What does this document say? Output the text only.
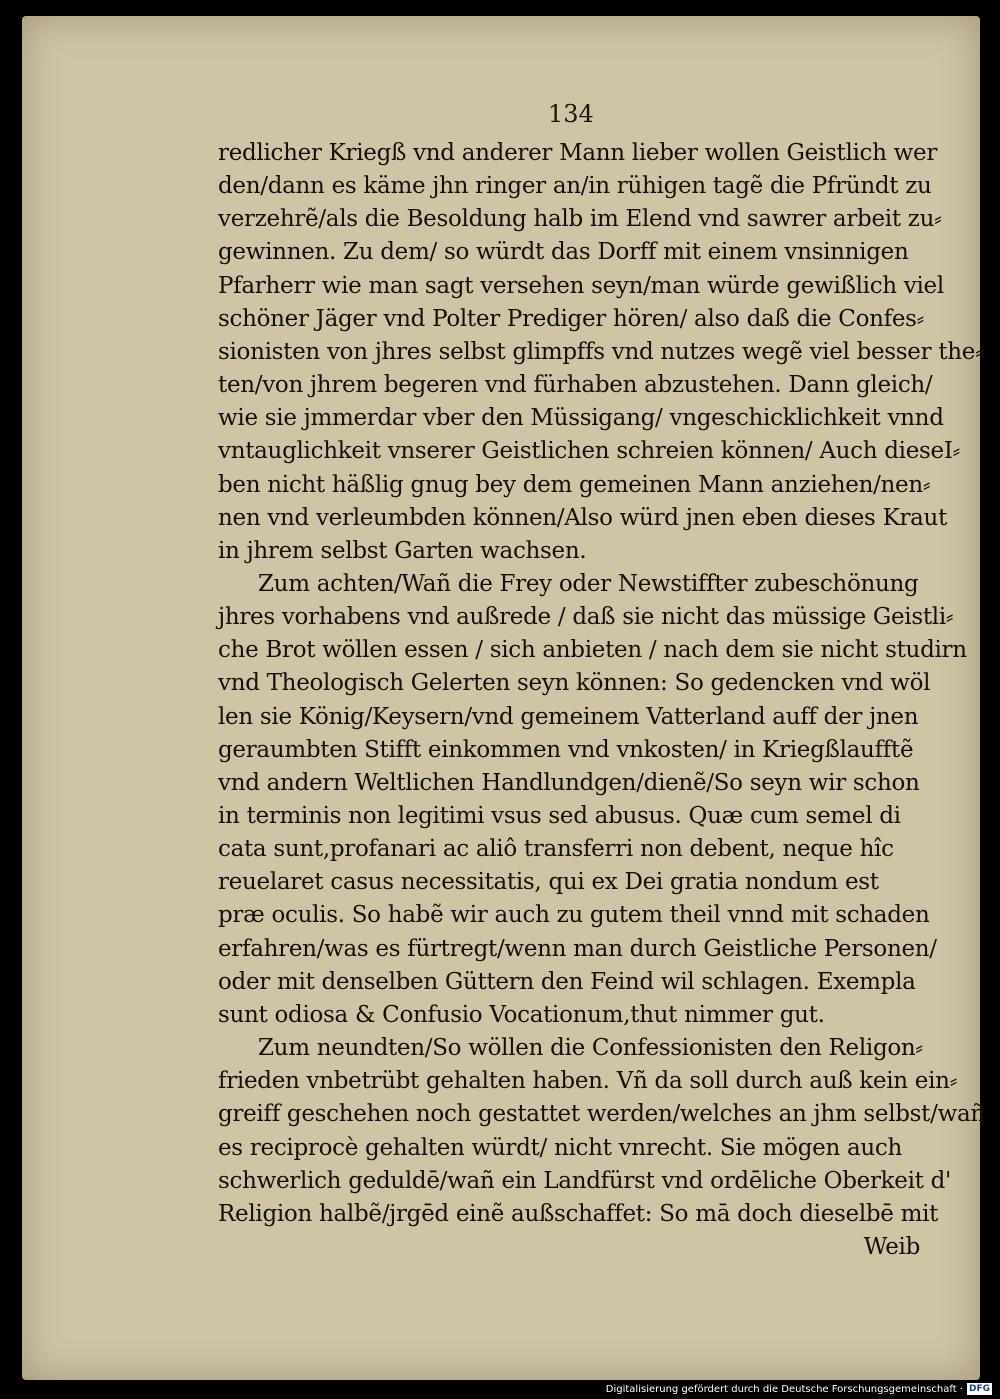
134
redlicher Kriegß vnd anderer Mann lieber wollen Geistlich wer
den/dann es käme jhn ringer an/in rühigen tagẽ die Pfründt zu
verzehrẽ/als die Besoldung halb im Elend vnd sawrer arbeit zu⸗
gewinnen. Zu dem/ so würdt das Dorff mit einem vnsinnigen
Pfarherr wie man sagt versehen seyn/man würde gewißlich viel
schöner Jäger vnd Polter Prediger hören/ also daß die Confes⸗
sionisten von jhres selbst glimpffs vnd nutzes wegẽ viel besser the⸗
ten/von jhrem begeren vnd fürhaben abzustehen. Dann gleich/
wie sie jmmerdar vber den Müssigang/ vngeschicklichkeit vnnd
vntauglichkeit vnserer Geistlichen schreien können/ Auch dieseI⸗
ben nicht häßlig gnug bey dem gemeinen Mann anziehen/nen⸗
nen vnd verleumbden können/Also würd jnen eben dieses Kraut
in jhrem selbst Garten wachsen.
Zum achten/Wañ die Frey oder Newstiffter zubeschönung
jhres vorhabens vnd außrede / daß sie nicht das müssige Geistli⸗
che Brot wöllen essen / sich anbieten / nach dem sie nicht studirn
vnd Theologisch Gelerten seyn können: So gedencken vnd wöl
len sie König/Keysern/vnd gemeinem Vatterland auff der jnen
geraumbten Stifft einkommen vnd vnkosten/ in Kriegßlaufftẽ
vnd andern Weltlichen Handlundgen/dienẽ/So seyn wir schon
in terminis non legitimi vsus sed abusus. Quæ cum semel di
cata sunt,profanari ac aliô transferri non debent, neque hîc
reuelaret casus necessitatis, qui ex Dei gratia nondum est
præ oculis. So habẽ wir auch zu gutem theil vnnd mit schaden
erfahren/was es fürtregt/wenn man durch Geistliche Personen/
oder mit denselben Güttern den Feind wil schlagen. Exempla
sunt odiosa & Confusio Vocationum,thut nimmer gut.
Zum neundten/So wöllen die Confessionisten den Religon⸗
frieden vnbetrübt gehalten haben. Vñ da soll durch auß kein ein⸗
greiff geschehen noch gestattet werden/welches an jhm selbst/wañ
es reciprocè gehalten würdt/ nicht vnrecht. Sie mögen auch
schwerlich geduldē/wañ ein Landfürst vnd ordēliche Oberkeit d'
Religion halbẽ/jrgēd einẽ außschaffet: So mā doch dieselbē mit
Weib
Digitalisierung gefördert durch die Deutsche Forschungsgemeinschaft · DFG
